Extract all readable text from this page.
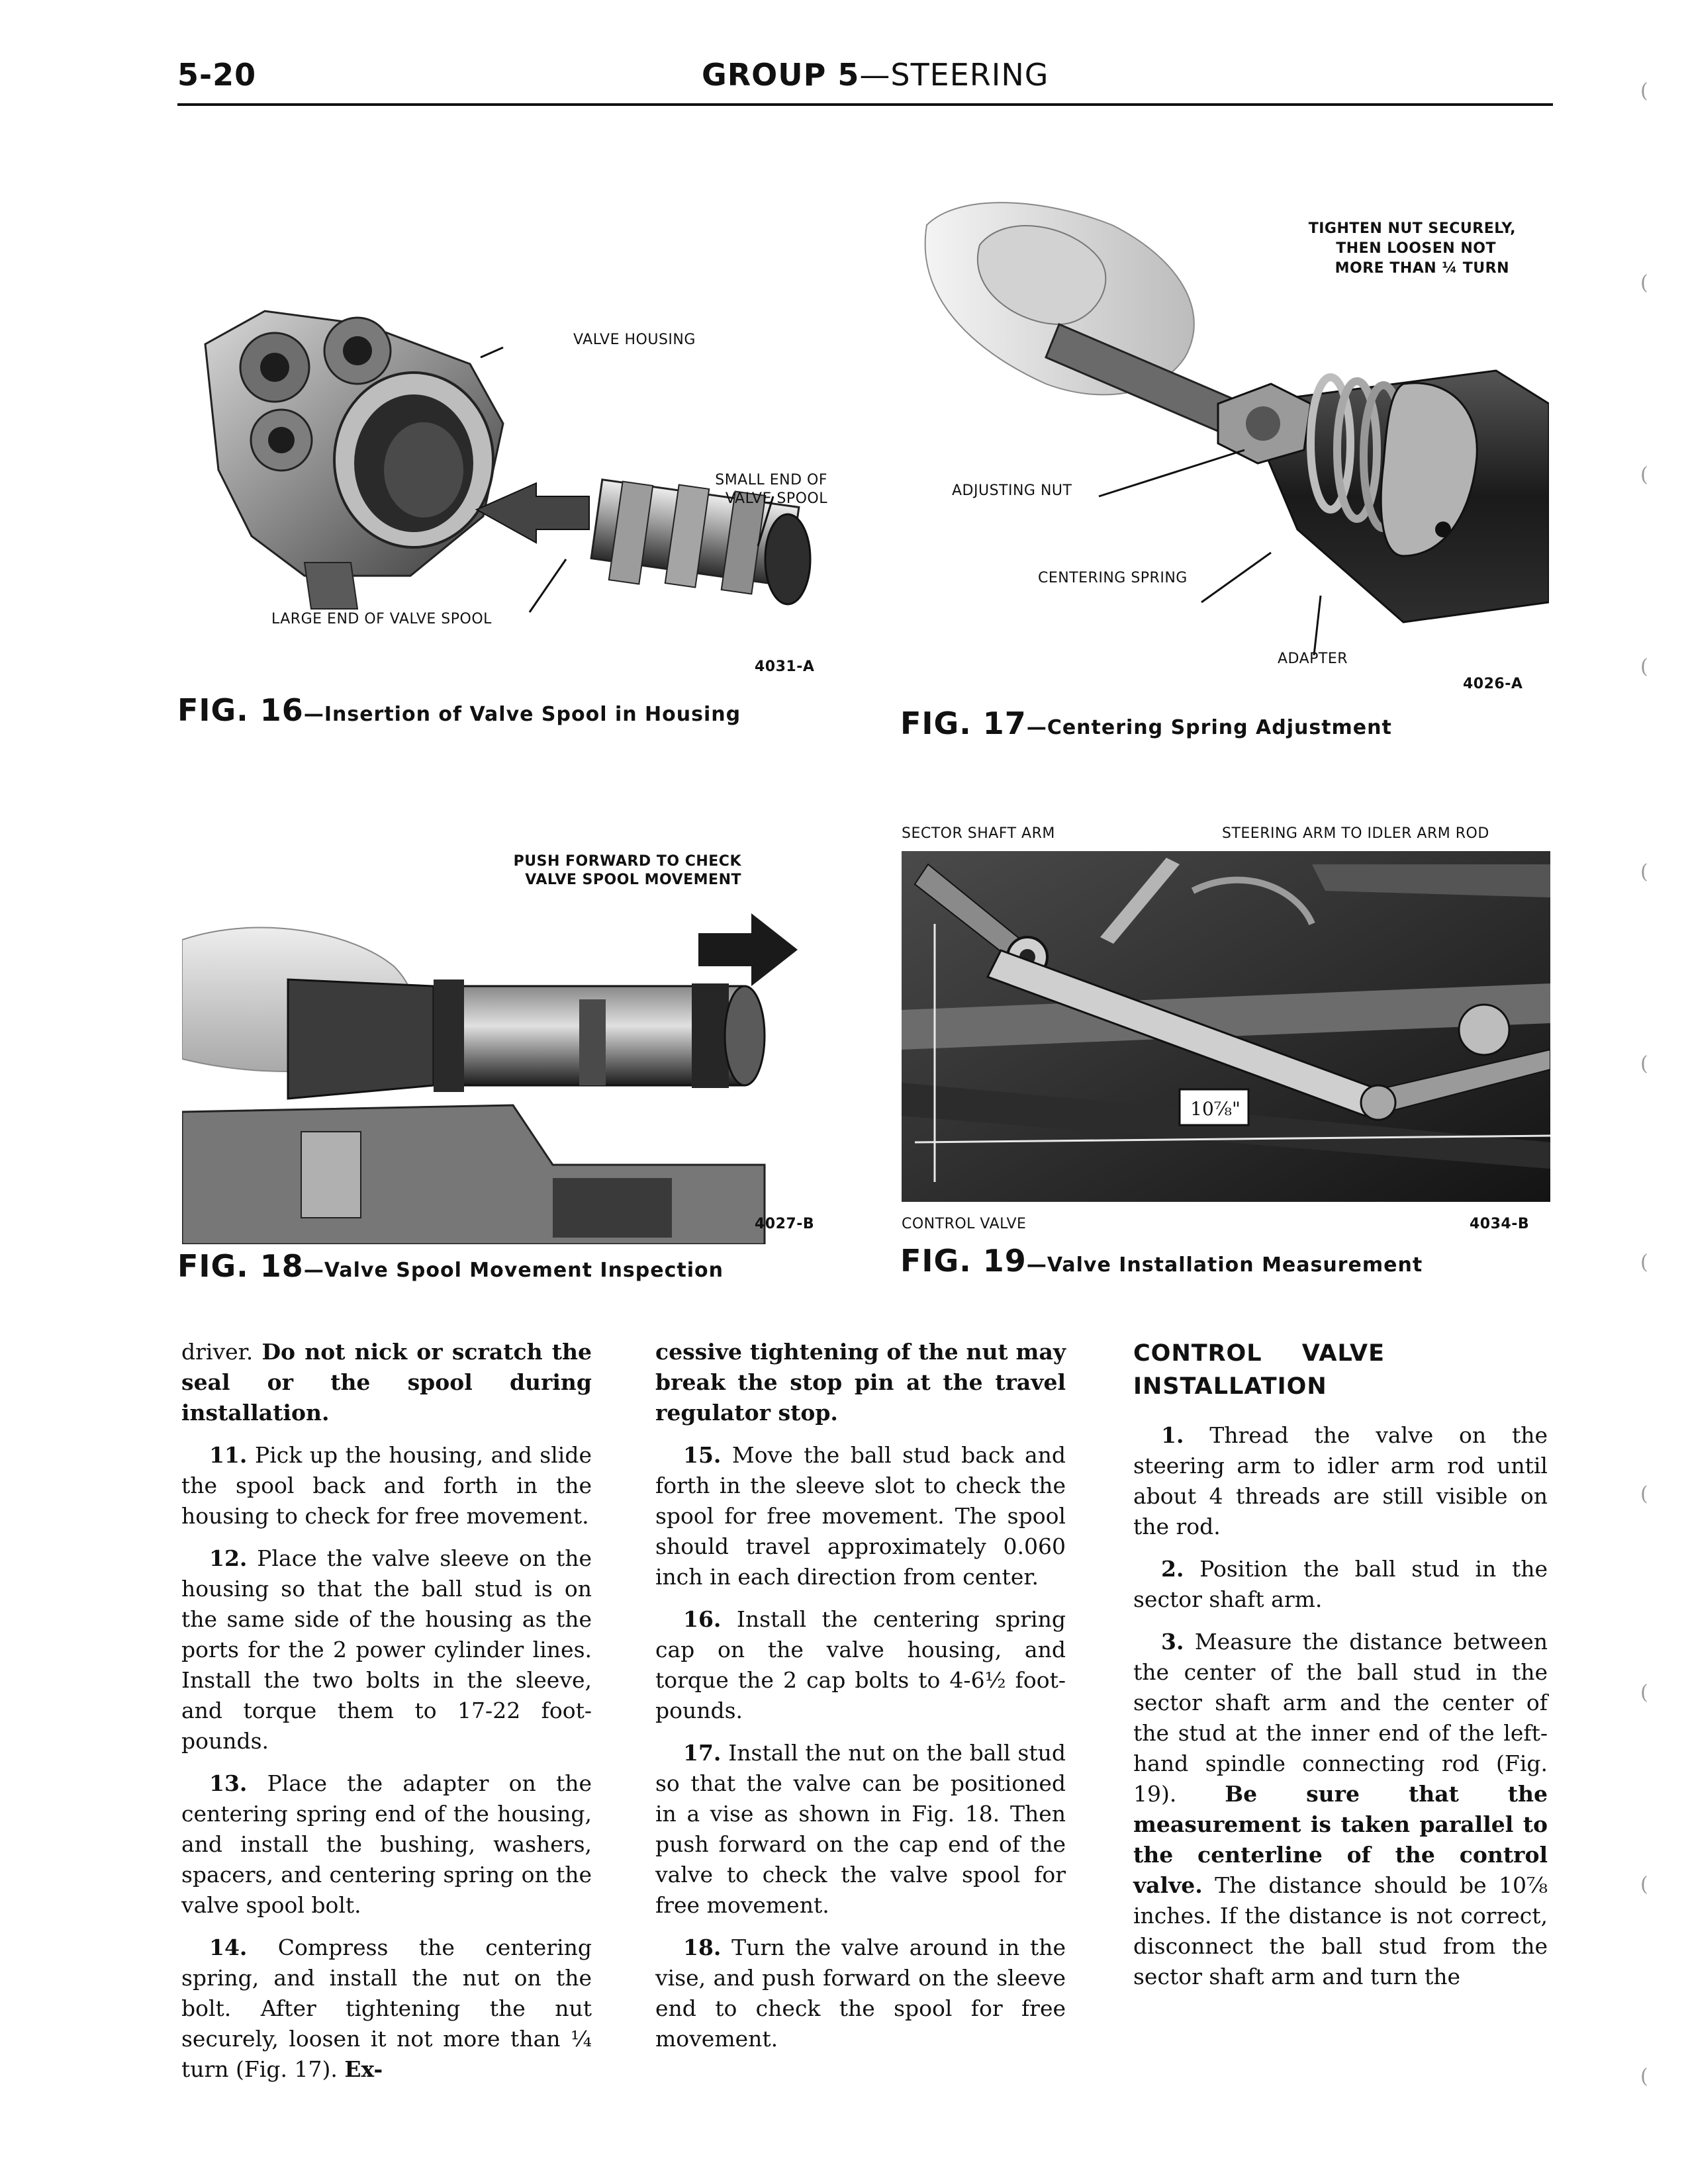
5-20	GROUP 5—STEERING	(
(
(
(
(
(
(
(
(
(
(
VALVE HOUSING
SMALL END OF
VALVE SPOOL
LARGE END OF VALVE SPOOL
4031-A
FIG. 16—Insertion of Valve Spool in Housing
TIGHTEN NUT SECURELY,
THEN LOOSEN NOT
MORE THAN ¼ TURN
ADJUSTING NUT
CENTERING SPRING
ADAPTER
4026-A
FIG. 17—Centering Spring Adjustment
PUSH FORWARD TO CHECK
VALVE SPOOL MOVEMENT
4027-B
FIG. 18—Valve Spool Movement Inspection
SECTOR SHAFT ARM	STEERING ARM TO IDLER ARM ROD
10⅞"
CONTROL VALVE	4034-B
FIG. 19—Valve Installation Measurement

driver. Do not nick or scratch the seal or the spool during installation.

11. Pick up the housing, and slide the spool back and forth in the housing to check for free movement.

12. Place the valve sleeve on the housing so that the ball stud is on the same side of the housing as the ports for the 2 power cylinder lines. Install the two bolts in the sleeve, and torque them to 17-22 foot-pounds.

13. Place the adapter on the centering spring end of the housing, and install the bushing, washers, spacers, and centering spring on the valve spool bolt.

14. Compress the centering spring, and install the nut on the bolt. After tightening the nut securely, loosen it not more than ¼ turn (Fig. 17). Ex-

cessive tightening of the nut may break the stop pin at the travel regulator stop.

15. Move the ball stud back and forth in the sleeve slot to check the spool for free movement. The spool should travel approximately 0.060 inch in each direction from center.

16. Install the centering spring cap on the valve housing, and torque the 2 cap bolts to 4-6½ foot-pounds.

17. Install the nut on the ball stud so that the valve can be positioned in a vise as shown in Fig. 18. Then push forward on the cap end of the valve to check the valve spool for free movement.

18. Turn the valve around in the vise, and push forward on the sleeve end to check the spool for free movement.

CONTROL VALVE INSTALLATION

1. Thread the valve on the steering arm to idler arm rod until about 4 threads are still visible on the rod.

2. Position the ball stud in the sector shaft arm.

3. Measure the distance between the center of the ball stud in the sector shaft arm and the center of the stud at the inner end of the left-hand spindle connecting rod (Fig. 19). Be sure that the measurement is taken parallel to the centerline of the control valve. The distance should be 10⅞ inches. If the distance is not correct, disconnect the ball stud from the sector shaft arm and turn the
